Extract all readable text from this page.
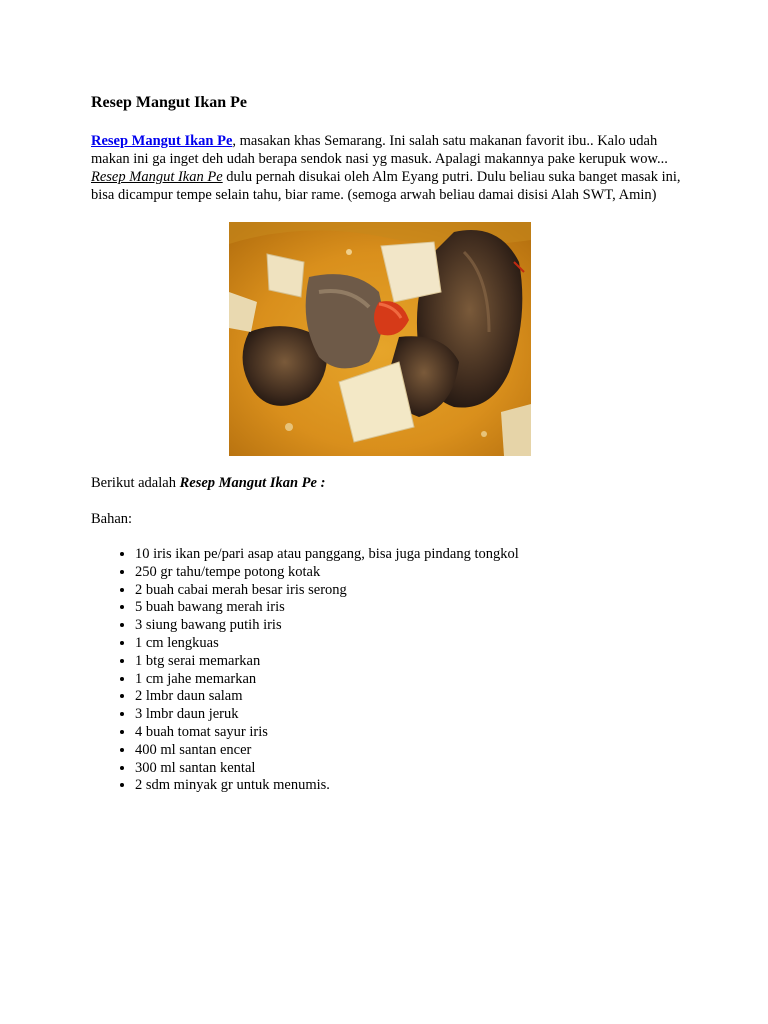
Resep Mangut Ikan Pe

Resep Mangut Ikan Pe, masakan khas Semarang. Ini salah satu makanan favorit ibu.. Kalo udah makan ini ga inget deh udah berapa sendok nasi yg masuk. Apalagi makannya pake kerupuk wow...

Resep Mangut Ikan Pe dulu pernah disukai oleh Alm Eyang putri. Dulu beliau suka banget masak ini, bisa dicampur tempe selain tahu, biar rame. (semoga arwah beliau damai disisi Alah SWT, Amin)

Berikut adalah Resep Mangut Ikan Pe :

Bahan:

• 10 iris ikan pe/pari asap atau panggang, bisa juga pindang tongkol
• 250 gr tahu/tempe potong kotak
• 2 buah cabai merah besar iris serong
• 5 buah bawang merah iris
• 3 siung bawang putih iris
• 1 cm lengkuas
• 1 btg serai memarkan
• 1 cm jahe memarkan
• 2 lmbr daun salam
• 3 lmbr daun jeruk
• 4 buah tomat sayur iris
• 400 ml santan encer
• 300 ml santan kental
• 2 sdm minyak gr untuk menumis.
